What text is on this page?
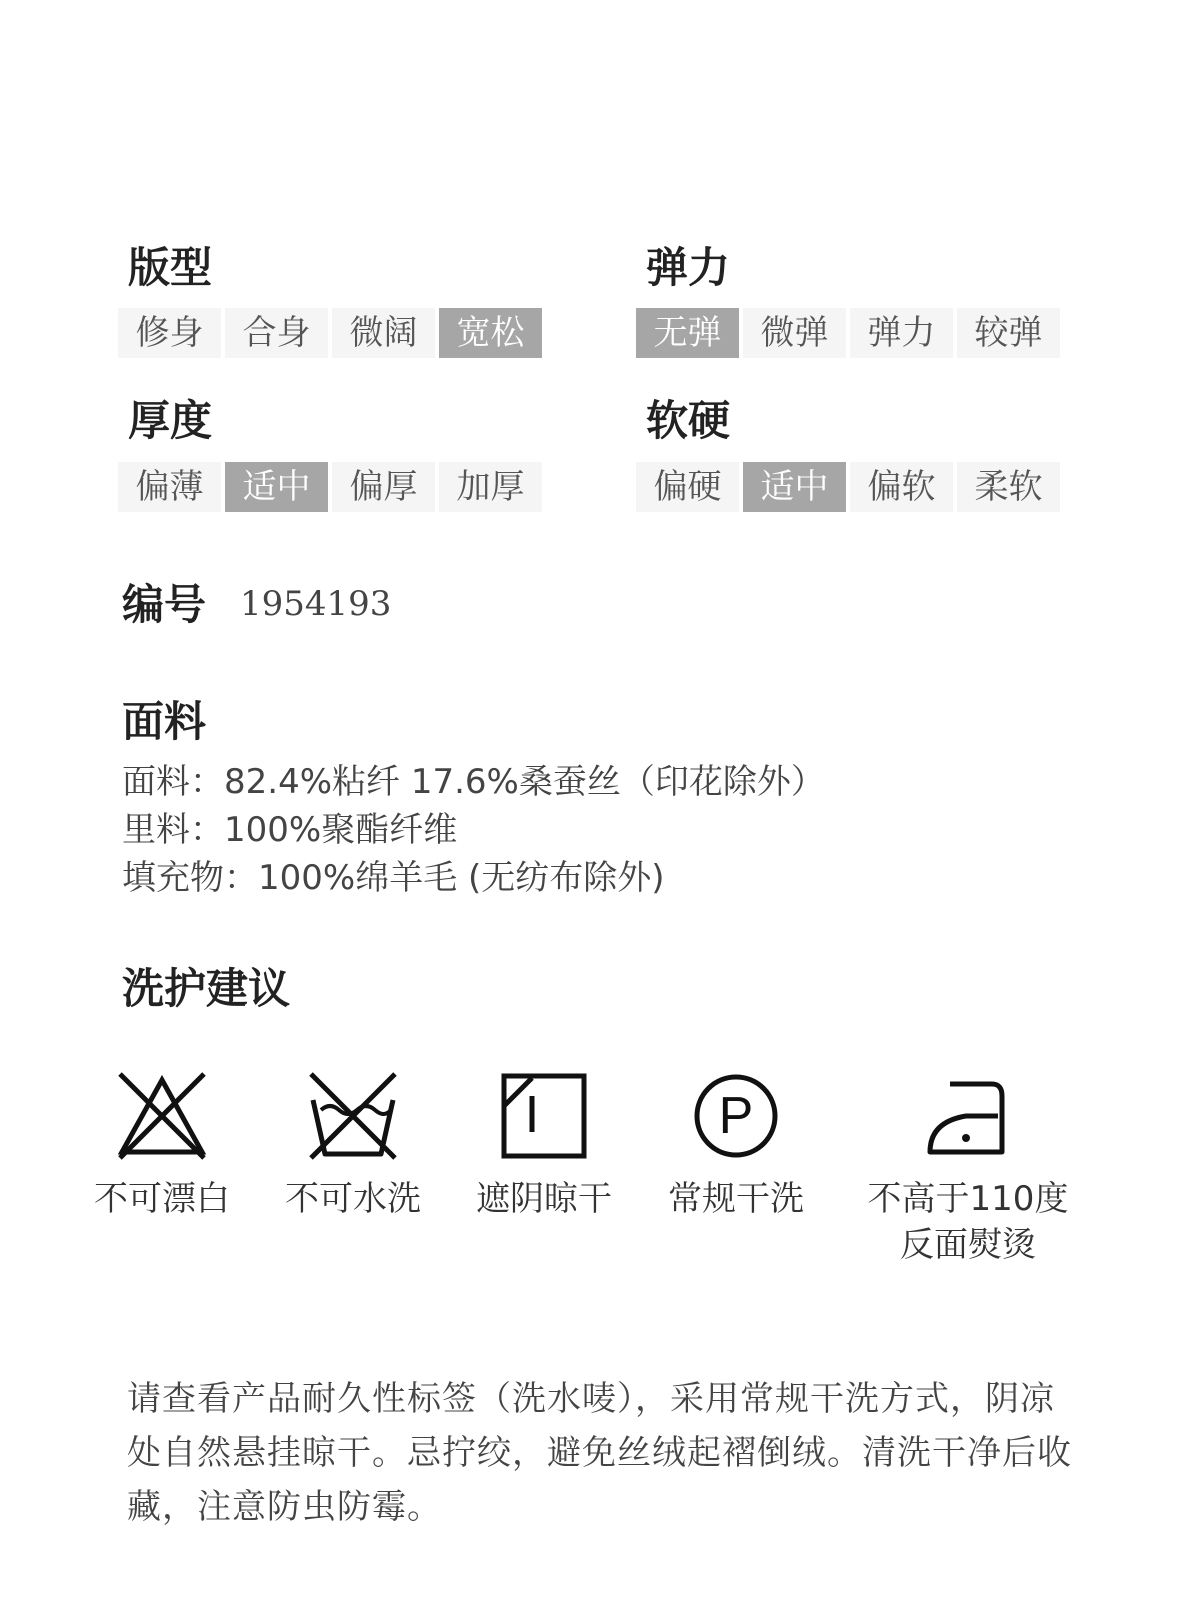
版型
修身	合身	微阔	宽松
弹力
无弹	微弹	弹力	较弹
厚度
偏薄	适中	偏厚	加厚
软硬
偏硬	适中	偏软	柔软
编号 1954193
面料
面料：82.4%粘纤 17.6%桑蚕丝（印花除外）
里料：100%聚酯纤维
填充物：100%绵羊毛 (无纺布除外)
洗护建议
不可漂白	不可水洗	遮阴晾干
P
常规干洗	不高于110度
反面熨烫
请查看产品耐久性标签（洗水唛），采用常规干洗方式，阴凉处自然悬挂晾干。忌拧绞，避免丝绒起褶倒绒。清洗干净后收藏，注意防虫防霉。
